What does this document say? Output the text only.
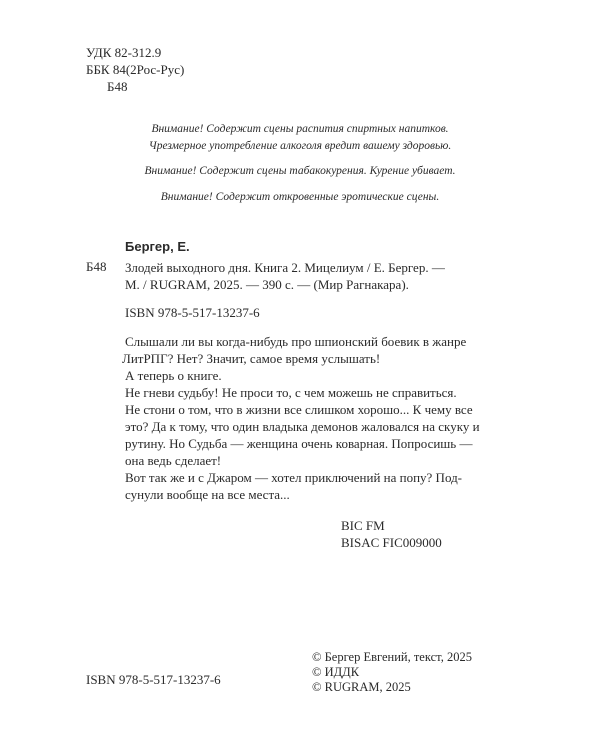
УДК 82-312.9
ББК 84(2Рос-Рус)
Б48
Внимание! Содержит сцены распития спиртных напитков.
Чрезмерное употребление алкоголя вредит вашему здоровью.
Внимание! Содержит сцены табакокурения. Курение убивает.
Внимание! Содержит откровенные эротические сцены.
Бергер, Е.
Б48 Злодей выходного дня. Книга 2. Мицелиум / Е. Бергер. —

М. / RUGRAM, 2025. — 390 с. — (Мир Рагнакара).

ISBN 978-5-517-13237-6

Слышали ли вы когда-нибудь про шпионский боевик в жанре
ЛитРПГ? Нет? Значит, самое время услышать!

А теперь о книге.

Не гневи судьбу! Не проси то, с чем можешь не справиться.
Не стони о том, что в жизни все слишком хорошо... К чему все
это? Да к тому, что один владыка демонов жаловался на скуку и
рутину. Но Судьба — женщина очень коварная. Попросишь —
она ведь сделает!

Вот так же и с Джаром — хотел приключений на попу? Под-
сунули вообще на все места...

BIC FM
BISAC FIC009000
ISBN 978-5-517-13237-6
© Бергер Евгений, текст, 2025
© ИДДК
© RUGRAM, 2025
